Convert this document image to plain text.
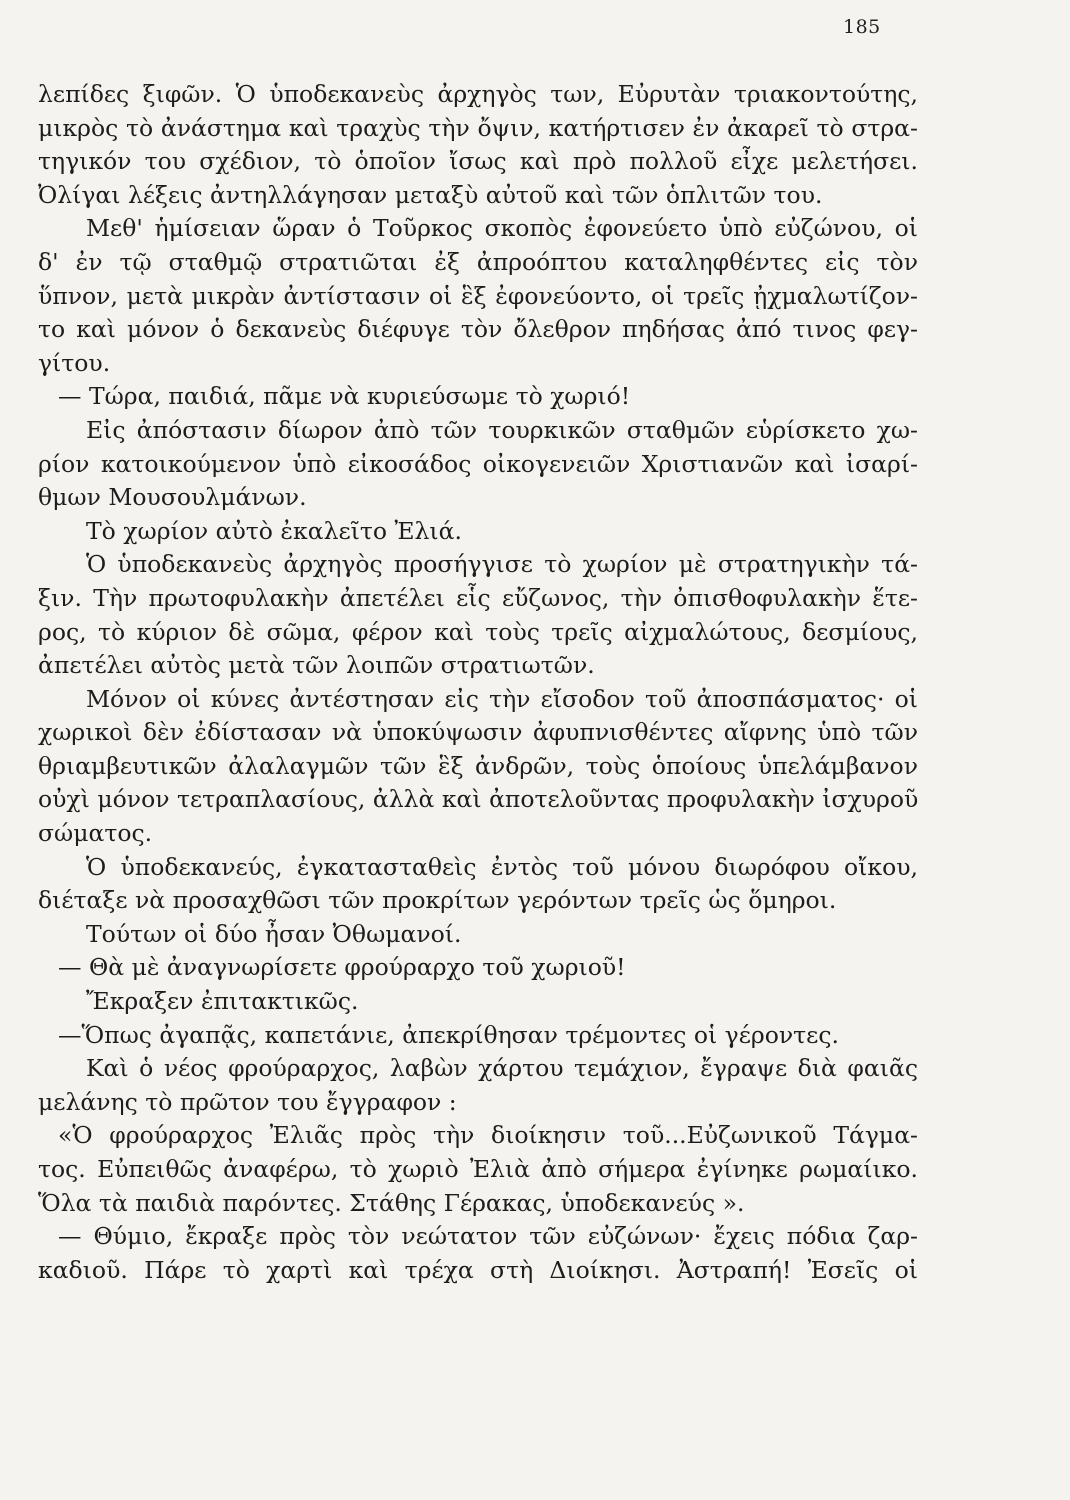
185
λεπίδες ξιφῶν. Ὁ ὑποδεκανεὺς ἀρχηγὸς των, Εὐρυτὰν τριακοντούτης,
μικρὸς τὸ ἀνάστημα καὶ τραχὺς τὴν ὄψιν, κατήρτισεν ἐν ἀκαρεῖ τὸ στρα-
τηγικόν του σχέδιον, τὸ ὁποῖον ἴσως καὶ πρὸ πολλοῦ εἶχε μελετήσει.
Ὀλίγαι λέξεις ἀντηλλάγησαν μεταξὺ αὐτοῦ καὶ τῶν ὁπλιτῶν του.
Μεθ' ἡμίσειαν ὥραν ὁ Τοῦρκος σκοπὸς ἐφονεύετο ὑπὸ εὐζώνου, οἱ
δ' ἐν τῷ σταθμῷ στρατιῶται ἐξ ἀπροόπτου καταληφθέντες εἰς τὸν
ὕπνον, μετὰ μικρὰν ἀντίστασιν οἱ ἓξ ἐφονεύοντο, οἱ τρεῖς ᾐχμαλωτίζον-
το καὶ μόνον ὁ δεκανεὺς διέφυγε τὸν ὄλεθρον πηδήσας ἀπό τινος φεγ-
γίτου.
— Τώρα, παιδιά, πᾶμε νὰ κυριεύσωμε τὸ χωριό!
Εἰς ἀπόστασιν δίωρον ἀπὸ τῶν τουρκικῶν σταθμῶν εὑρίσκετο χω-
ρίον κατοικούμενον ὑπὸ εἰκοσάδος οἰκογενειῶν Χριστιανῶν καὶ ἰσαρί-
θμων Μουσουλμάνων.
Τὸ χωρίον αὐτὸ ἐκαλεῖτο Ἐλιά.
Ὁ ὑποδεκανεὺς ἀρχηγὸς προσήγγισε τὸ χωρίον μὲ στρατηγικὴν τά-
ξιν. Τὴν πρωτοφυλακὴν ἀπετέλει εἷς εὔζωνος, τὴν ὀπισθοφυλακὴν ἕτε-
ρος, τὸ κύριον δὲ σῶμα, φέρον καὶ τοὺς τρεῖς αἰχμαλώτους, δεσμίους,
ἀπετέλει αὐτὸς μετὰ τῶν λοιπῶν στρατιωτῶν.
Μόνον οἱ κύνες ἀντέστησαν εἰς τὴν εἴσοδον τοῦ ἀποσπάσματος· οἱ
χωρικοὶ δὲν ἐδίστασαν νὰ ὑποκύψωσιν ἀφυπνισθέντες αἴφνης ὑπὸ τῶν
θριαμβευτικῶν ἀλαλαγμῶν τῶν ἓξ ἀνδρῶν, τοὺς ὁποίους ὑπελάμβανον
οὐχὶ μόνον τετραπλασίους, ἀλλὰ καὶ ἀποτελοῦντας προφυλακὴν ἰσχυροῦ
σώματος.
Ὁ ὑποδεκανεύς, ἐγκατασταθεὶς ἐντὸς τοῦ μόνου διωρόφου οἴκου,
διέταξε νὰ προσαχθῶσι τῶν προκρίτων γερόντων τρεῖς ὡς ὅμηροι.
Τούτων οἱ δύο ἦσαν Ὀθωμανοί.
— Θὰ μὲ ἀναγνωρίσετε φρούραρχο τοῦ χωριοῦ!
Ἔκραξεν ἐπιτακτικῶς.
—Ὅπως ἀγαπᾷς, καπετάνιε, ἀπεκρίθησαν τρέμοντες οἱ γέροντες.
Καὶ ὁ νέος φρούραρχος, λαβὼν χάρτου τεμάχιον, ἔγραψε διὰ φαιᾶς
μελάνης τὸ πρῶτον του ἔγγραφον :
«Ὁ φρούραρχος Ἐλιᾶς πρὸς τὴν διοίκησιν τοῦ...Εὐζωνικοῦ Τάγμα-
τος. Εὐπειθῶς ἀναφέρω, τὸ χωριὸ Ἐλιὰ ἀπὸ σήμερα ἐγίνηκε ρωμαίικο.
Ὅλα τὰ παιδιὰ παρόντες. Στάθης Γέρακας, ὑποδεκανεύς ».
— Θύμιο, ἔκραξε πρὸς τὸν νεώτατον τῶν εὐζώνων· ἔχεις πόδια ζαρ-
καδιοῦ. Πάρε τὸ χαρτὶ καὶ τρέχα στὴ Διοίκησι. Ἀστραπή! Ἐσεῖς οἱ
